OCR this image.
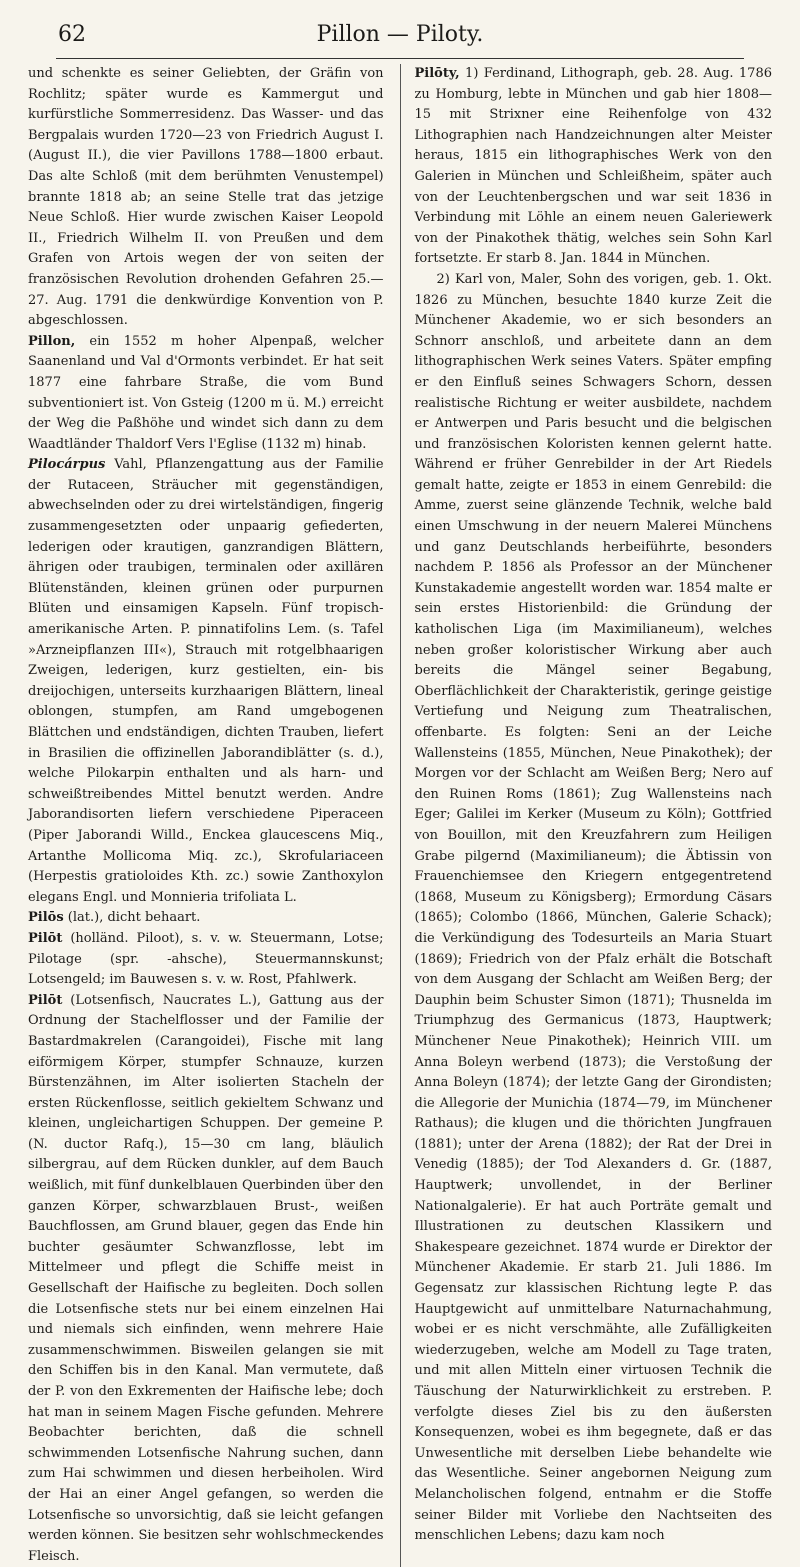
62	Pillon — Piloty.

und schenkte es seiner Geliebten, der Gräfin von Rochlitz; später wurde es Kammergut und kurfürstliche Sommerresidenz. Das Wasser- und das Bergpalais wurden 1720—23 von Friedrich August I. (August II.), die vier Pavillons 1788—1800 erbaut. Das alte Schloß (mit dem berühmten Venustempel) brannte 1818 ab; an seine Stelle trat das jetzige Neue Schloß. Hier wurde zwischen Kaiser Leopold II., Friedrich Wilhelm II. von Preußen und dem Grafen von Artois wegen der von seiten der französischen Revolution drohenden Gefahren 25.—27. Aug. 1791 die denkwürdige Konvention von P. abgeschlossen.

Pillon, ein 1552 m hoher Alpenpaß, welcher Saanenland und Val d'Ormonts verbindet. Er hat seit 1877 eine fahrbare Straße, die vom Bund subventioniert ist. Von Gsteig (1200 m ü. M.) erreicht der Weg die Paßhöhe und windet sich dann zu dem Waadtländer Thaldorf Vers l'Eglise (1132 m) hinab.

Pilocárpus Vahl, Pflanzengattung aus der Familie der Rutaceen, Sträucher mit gegenständigen, abwechselnden oder zu drei wirtelständigen, fingerig zusammengesetzten oder unpaarig gefiederten, lederigen oder krautigen, ganzrandigen Blättern, ährigen oder traubigen, terminalen oder axillären Blütenständen, kleinen grünen oder purpurnen Blüten und einsamigen Kapseln. Fünf tropisch-amerikanische Arten. P. pinnatifolins Lem. (s. Tafel »Arzneipflanzen III«), Strauch mit rotgelbhaarigen Zweigen, lederigen, kurz gestielten, ein- bis dreijochigen, unterseits kurzhaarigen Blättern, lineal oblongen, stumpfen, am Rand umgebogenen Blättchen und endständigen, dichten Trauben, liefert in Brasilien die offizinellen Jaborandiblätter (s. d.), welche Pilokarpin enthalten und als harn- und schweißtreibendes Mittel benutzt werden. Andre Jaborandisorten liefern verschiedene Piperaceen (Piper Jaborandi Willd., Enckea glaucescens Miq., Artanthe Mollicoma Miq. zc.), Skrofulariaceen (Herpestis gratioloides Kth. zc.) sowie Zanthoxylon elegans Engl. und Monnieria trifoliata L.

Pilōs (lat.), dicht behaart.

Pilōt (holländ. Piloot), s. v. w. Steuermann, Lotse; Pilotage (spr. -ahsche), Steuermannskunst; Lotsengeld; im Bauwesen s. v. w. Rost, Pfahlwerk.

Pilōt (Lotsenfisch, Naucrates L.), Gattung aus der Ordnung der Stachelflosser und der Familie der Bastardmakrelen (Carangoidei), Fische mit lang eiförmigem Körper, stumpfer Schnauze, kurzen Bürstenzähnen, im Alter isolierten Stacheln der ersten Rückenflosse, seitlich gekieltem Schwanz und kleinen, ungleichartigen Schuppen. Der gemeine P. (N. ductor Rafq.), 15—30 cm lang, bläulich silbergrau, auf dem Rücken dunkler, auf dem Bauch weißlich, mit fünf dunkelblauen Querbinden über den ganzen Körper, schwarzblauen Brust-, weißen Bauchflossen, am Grund blauer, gegen das Ende hin buchter gesäumter Schwanzflosse, lebt im Mittelmeer und pflegt die Schiffe meist in Gesellschaft der Haifische zu begleiten. Doch sollen die Lotsenfische stets nur bei einem einzelnen Hai und niemals sich einfinden, wenn mehrere Haie zusammenschwimmen. Bisweilen gelangen sie mit den Schiffen bis in den Kanal. Man vermutete, daß der P. von den Exkrementen der Haifische lebe; doch hat man in seinem Magen Fische gefunden. Mehrere Beobachter berichten, daß die schnell schwimmenden Lotsenfische Nahrung suchen, dann zum Hai schwimmen und diesen herbeiholen. Wird der Hai an einer Angel gefangen, so werden die Lotsenfische so unvorsichtig, daß sie leicht gefangen werden können. Sie besitzen sehr wohlschmeckendes Fleisch.

Pilōty, 1) Ferdinand, Lithograph, geb. 28. Aug. 1786 zu Homburg, lebte in München und gab hier 1808—15 mit Strixner eine Reihenfolge von 432 Lithographien nach Handzeichnungen alter Meister heraus, 1815 ein lithographisches Werk von den Galerien in München und Schleißheim, später auch von der Leuchtenbergschen und war seit 1836 in Verbindung mit Löhle an einem neuen Galeriewerk von der Pinakothek thätig, welches sein Sohn Karl fortsetzte. Er starb 8. Jan. 1844 in München.

2) Karl von, Maler, Sohn des vorigen, geb. 1. Okt. 1826 zu München, besuchte 1840 kurze Zeit die Münchener Akademie, wo er sich besonders an Schnorr anschloß, und arbeitete dann an dem lithographischen Werk seines Vaters. Später empfing er den Einfluß seines Schwagers Schorn, dessen realistische Richtung er weiter ausbildete, nachdem er Antwerpen und Paris besucht und die belgischen und französischen Koloristen kennen gelernt hatte. Während er früher Genrebilder in der Art Riedels gemalt hatte, zeigte er 1853 in einem Genrebild: die Amme, zuerst seine glänzende Technik, welche bald einen Umschwung in der neuern Malerei Münchens und ganz Deutschlands herbeiführte, besonders nachdem P. 1856 als Professor an der Münchener Kunstakademie angestellt worden war. 1854 malte er sein erstes Historienbild: die Gründung der katholischen Liga (im Maximilianeum), welches neben großer koloristischer Wirkung aber auch bereits die Mängel seiner Begabung, Oberflächlichkeit der Charakteristik, geringe geistige Vertiefung und Neigung zum Theatralischen, offenbarte. Es folgten: Seni an der Leiche Wallensteins (1855, München, Neue Pinakothek); der Morgen vor der Schlacht am Weißen Berg; Nero auf den Ruinen Roms (1861); Zug Wallensteins nach Eger; Galilei im Kerker (Museum zu Köln); Gottfried von Bouillon, mit den Kreuzfahrern zum Heiligen Grabe pilgernd (Maximilianeum); die Äbtissin von Frauenchiemsee den Kriegern entgegentretend (1868, Museum zu Königsberg); Ermordung Cäsars (1865); Colombo (1866, München, Galerie Schack); die Verkündigung des Todesurteils an Maria Stuart (1869); Friedrich von der Pfalz erhält die Botschaft von dem Ausgang der Schlacht am Weißen Berg; der Dauphin beim Schuster Simon (1871); Thusnelda im Triumphzug des Germanicus (1873, Hauptwerk; Münchener Neue Pinakothek); Heinrich VIII. um Anna Boleyn werbend (1873); die Verstoßung der Anna Boleyn (1874); der letzte Gang der Girondisten; die Allegorie der Munichia (1874—79, im Münchener Rathaus); die klugen und die thörichten Jungfrauen (1881); unter der Arena (1882); der Rat der Drei in Venedig (1885); der Tod Alexanders d. Gr. (1887, Hauptwerk; unvollendet, in der Berliner Nationalgalerie). Er hat auch Porträte gemalt und Illustrationen zu deutschen Klassikern und Shakespeare gezeichnet. 1874 wurde er Direktor der Münchener Akademie. Er starb 21. Juli 1886. Im Gegensatz zur klassischen Richtung legte P. das Hauptgewicht auf unmittelbare Naturnachahmung, wobei er es nicht verschmähte, alle Zufälligkeiten wiederzugeben, welche am Modell zu Tage traten, und mit allen Mitteln einer virtuosen Technik die Täuschung der Naturwirklichkeit zu erstreben. P. verfolgte dieses Ziel bis zu den äußersten Konsequenzen, wobei es ihm begegnete, daß er das Unwesentliche mit derselben Liebe behandelte wie das Wesentliche. Seiner angebornen Neigung zum Melancholischen folgend, entnahm er die Stoffe seiner Bilder mit Vorliebe den Nachtseiten des menschlichen Lebens; dazu kam noch
